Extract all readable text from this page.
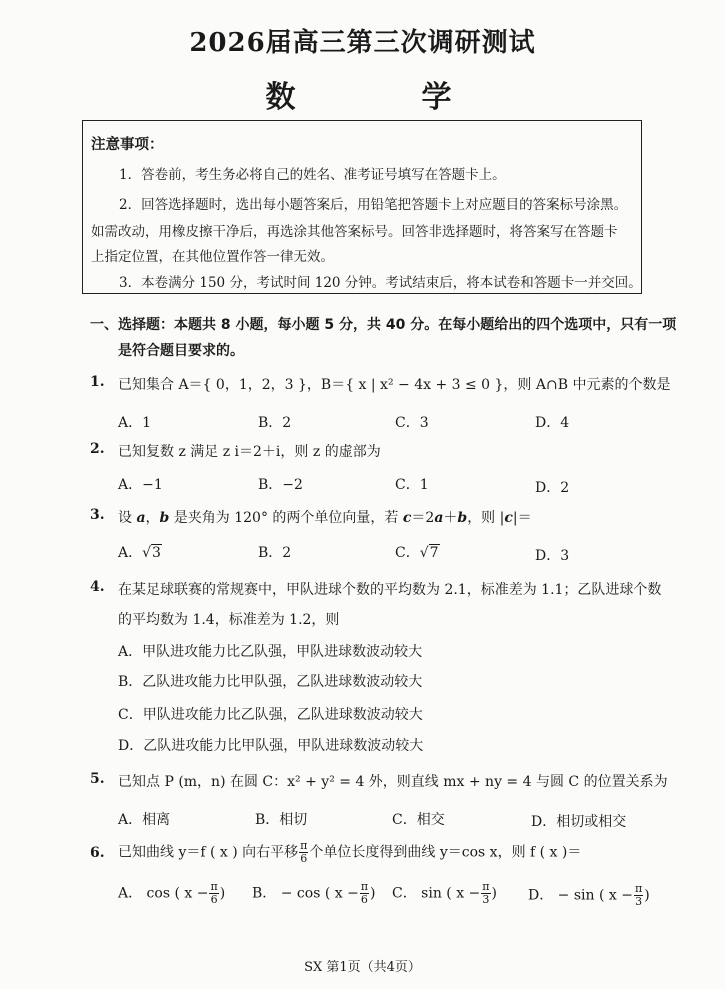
2026届高三第三次调研测试
数　学
注意事项：
1．答卷前，考生务必将自己的姓名、准考证号填写在答题卡上。
2．回答选择题时，选出每小题答案后，用铅笔把答题卡上对应题目的答案标号涂黑。
如需改动，用橡皮擦干净后，再选涂其他答案标号。回答非选择题时，将答案写在答题卡
上指定位置，在其他位置作答一律无效。
3．本卷满分 150 分，考试时间 120 分钟。考试结束后，将本试卷和答题卡一并交回。
一、选择题：本题共 8 小题，每小题 5 分，共 40 分。在每小题给出的四个选项中，只有一项
是符合题目要求的。
1. 已知集合 A＝{ 0，1，2，3 }，B＝{ x | x² − 4x + 3 ≤ 0 }，则 A∩B 中元素的个数是
A．1	B．2	C．3	D．4
2. 已知复数 z 满足 z i＝2＋i，则 z 的虚部为
A．−1	B．−2	C．1	D．2
3. 设 a，b 是夹角为 120° 的两个单位向量，若 c＝2a＋b，则 |c|＝
A．√3	B．2	C．√7	D．3
4. 在某足球联赛的常规赛中，甲队进球个数的平均数为 2.1，标准差为 1.1；乙队进球个数
的平均数为 1.4，标准差为 1.2，则
A．甲队进攻能力比乙队强，甲队进球数波动较大
B．乙队进攻能力比甲队强，乙队进球数波动较大
C．甲队进攻能力比乙队强，乙队进球数波动较大
D．乙队进攻能力比甲队强，甲队进球数波动较大
5. 已知点 P (m，n) 在圆 C：x² + y² = 4 外，则直线 mx + ny = 4 与圆 C 的位置关系为
A．相离	B．相切	C．相交	D．相切或相交
6. 已知曲线 y＝f ( x ) 向右平移 $\frac{\pi}{6}$ 个单位长度得到曲线 y＝cos x，则 f ( x )＝
A． cos ( $x - \frac{\pi}{6}$ ) B． − cos ( $x - \frac{\pi}{6}$ ) C． sin ( $x - \frac{\pi}{3}$ ) D． − sin ( $x - \frac{\pi}{3}$ )
SX 第1页（共4页）
